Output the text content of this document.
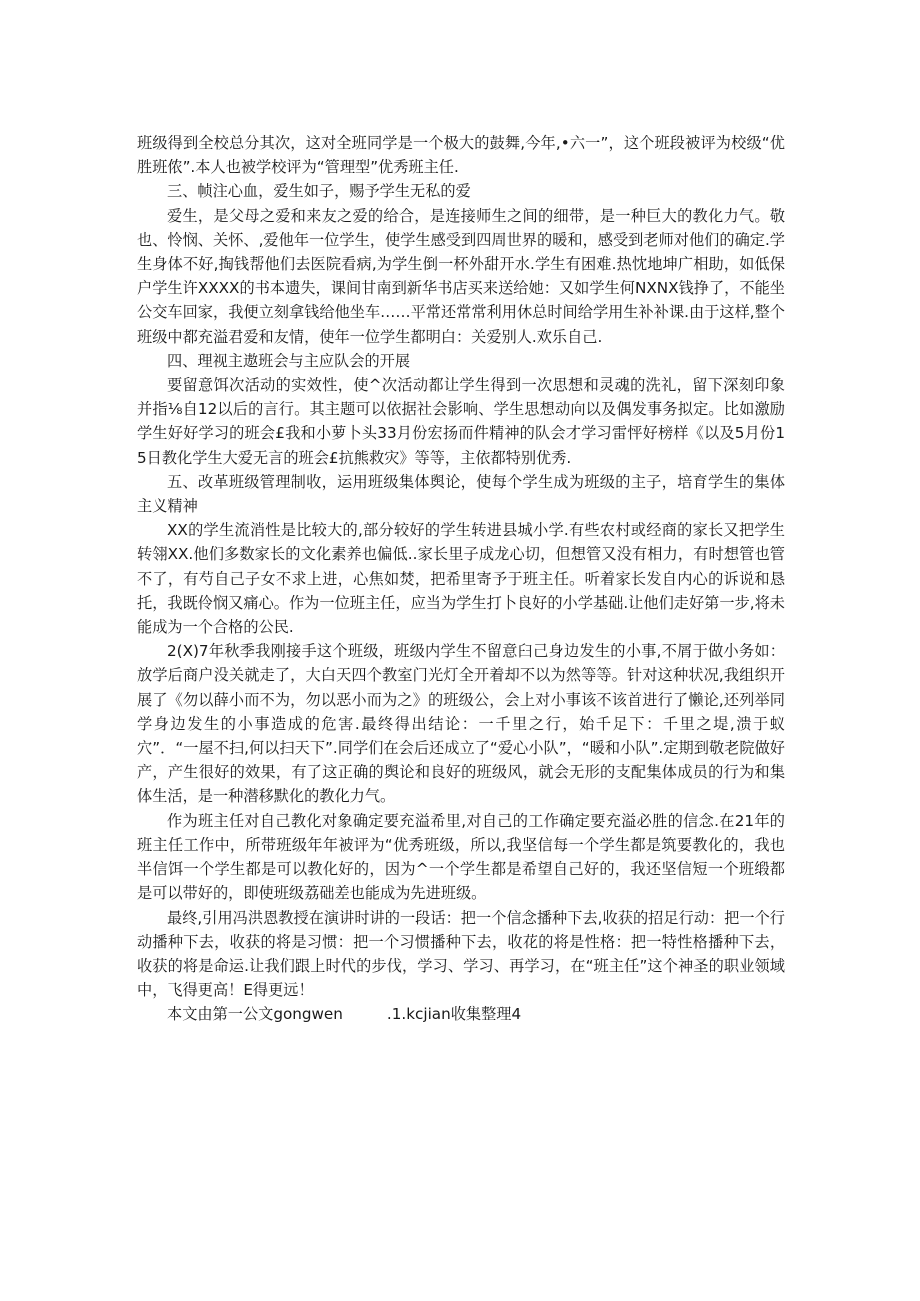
班级得到全校总分其次，这对全班同学是一个极大的鼓舞,今年,•六一”，这个班段被评为校级“优胜班侬”.本人也被学校评为“管理型”优秀班主任.

三、帧注心血，爱生如子，赐予学生无私的爱

爱生，是父母之爱和来友之爱的给合，是连接师生之间的细带，是一种巨大的教化力气。敬也、怜悯、关怀、,爱他年一位学生，使学生感受到四周世界的暖和，感受到老师对他们的确定.学生身体不好,掏钱帮他们去医院看病,为学生倒一杯外甜开水.学生有困难.热忱地坤广相助，如低保户学生许XXXX的书本遗失，课间甘南到新华书店买来送给她：又如学生何NXNX钱挣了，不能坐公交车回家，我便立刻拿钱给他坐车……平常还常常利用休总时间给学用生补补课.由于这样,整个班级中都充溢君爱和友情，使年一位学生都明白：关爱别人.欢乐自己.

四、理视主遨班会与主应队会的开展

要留意饵次活动的实效性，使^次活动都让学生得到一次思想和灵魂的洗礼，留下深刻印象并指⅛自12以后的言行。其主题可以依据社会影响、学生思想动向以及偶发事务拟定。比如激励学生好好学习的班会£我和小萝卜头33月份宏扬而件精神的队会才学习雷怦好榜样《以及5月份15日教化学生大爱无言的班会£抗熊救灾》等等，主依都特别优秀.

五、改革班级管理制收，运用班级集体舆论，使每个学生成为班级的主子，培育学生的集体主义精神

XX的学生流消性是比较大的,部分较好的学生转进县城小学.有些农村或经商的家长又把学生转翎XX.他们多数家长的文化素养也偏低..家长里子成龙心切，但想管又没有相力，有时想管也管不了，有芍自己子女不求上进，心焦如焚，把希里寄予于班主任。听着家长发自内心的诉说和恳托，我既伶悯又痛心。作为一位班主任，应当为学生打卜良好的小学基础.让他们走好第一步,将未能成为一个合格的公民.

2(X)7年秋季我刚接手这个班级，班级内学生不留意臼己身边发生的小事,不屑于做小务如：放学后商户没关就走了，大白天四个教室门光灯全开着却不以为然等等。针对这种状况,我组织开展了《勿以薛小而不为，勿以恶小而为之》的班级公，会上对小事该不该首进行了懒论,还列举同学身边发生的小事造成的危害.最终得出结论：一千里之行，始千足下：千里之堤,溃于蚁穴”．“一屋不扫,何以扫天下”.同学们在会后还成立了“爱心小队”，“暖和小队”.定期到敬老院做好产，产生很好的效果，有了这正确的舆论和良好的班级风，就会无形的支配集体成员的行为和集体生活，是一种潜移默化的教化力气。

作为班主任对自己教化对象确定要充溢希里,对自己的工作确定要充溢必胜的信念.在21年的班主任工作中，所带班级年年被评为“优秀班级，所以,我坚信每一个学生都是筑要教化的，我也半信饵一个学生都是可以教化好的，因为^一个学生都是希望自己好的，我还坚信短一个班缎都是可以带好的，即使班级荔础差也能成为先进班级。

最终,引用冯洪恩教授在演讲时讲的一段话：把一个信念播种下去,收获的招足行动：把一个行动播种下去，收获的将是习惯：把一个习惯播种下去，收花的将是性格：把一特性格播种下去，收获的将是命运.让我们跟上时代的步伐，学习、学习、再学习，在“班主任”这个神圣的职业领域中，飞得更高！E得更远！

本文由第一公文gongwen	.1.kcjian收集整理4
